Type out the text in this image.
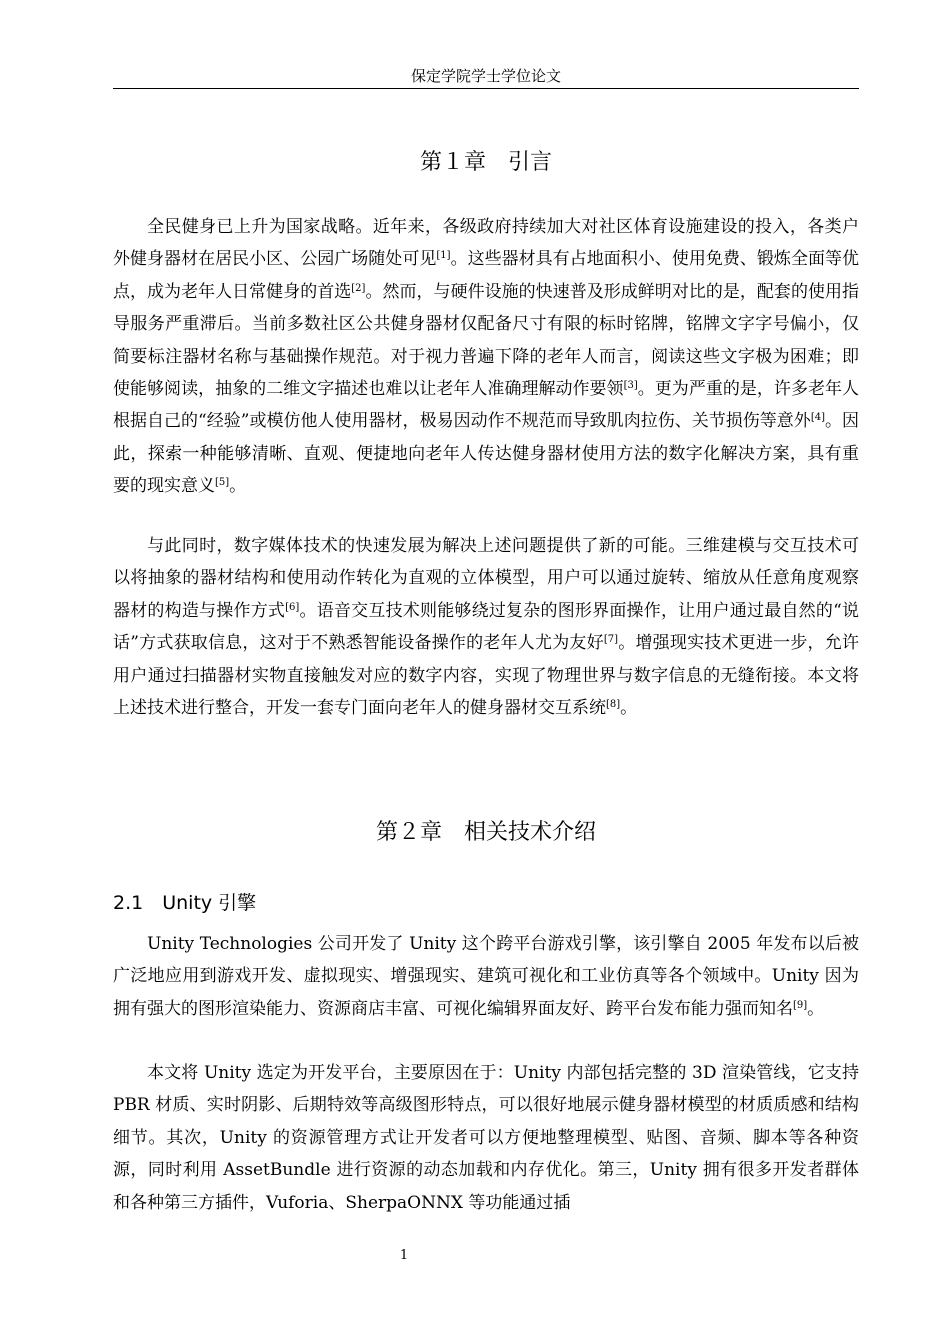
保定学院学士学位论文
第１章　引言

全民健身已上升为国家战略。近年来，各级政府持续加大对社区体育设施建设的投入，各类户外健身器材在居民小区、公园广场随处可见[1]。这些器材具有占地面积小、使用免费、锻炼全面等优点，成为老年人日常健身的首选[2]。然而，与硬件设施的快速普及形成鲜明对比的是，配套的使用指导服务严重滞后。当前多数社区公共健身器材仅配备尺寸有限的标时铭牌，铭牌文字字号偏小，仅简要标注器材名称与基础操作规范。对于视力普遍下降的老年人而言，阅读这些文字极为困难；即使能够阅读，抽象的二维文字描述也难以让老年人准确理解动作要领[3]。更为严重的是，许多老年人根据自己的“经验”或模仿他人使用器材，极易因动作不规范而导致肌肉拉伤、关节损伤等意外[4]。因此，探索一种能够清晰、直观、便捷地向老年人传达健身器材使用方法的数字化解决方案，具有重要的现实意义[5]。

与此同时，数字媒体技术的快速发展为解决上述问题提供了新的可能。三维建模与交互技术可以将抽象的器材结构和使用动作转化为直观的立体模型，用户可以通过旋转、缩放从任意角度观察器材的构造与操作方式[6]。语音交互技术则能够绕过复杂的图形界面操作，让用户通过最自然的“说话”方式获取信息，这对于不熟悉智能设备操作的老年人尤为友好[7]。增强现实技术更进一步，允许用户通过扫描器材实物直接触发对应的数字内容，实现了物理世界与数字信息的无缝衔接。本文将上述技术进行整合，开发一套专门面向老年人的健身器材交互系统[8]。

第２章　相关技术介绍
2.1　Unity 引擎

Unity Technologies 公司开发了 Unity 这个跨平台游戏引擎，该引擎自 2005 年发布以后被广泛地应用到游戏开发、虚拟现实、增强现实、建筑可视化和工业仿真等各个领域中。Unity 因为拥有强大的图形渲染能力、资源商店丰富、可视化编辑界面友好、跨平台发布能力强而知名[9]。

本文将 Unity 选定为开发平台，主要原因在于：Unity 内部包括完整的 3D 渲染管线，它支持 PBR 材质、实时阴影、后期特效等高级图形特点，可以很好地展示健身器材模型的材质质感和结构细节。其次，Unity 的资源管理方式让开发者可以方便地整理模型、贴图、音频、脚本等各种资源，同时利用 AssetBundle 进行资源的动态加载和内存优化。第三，Unity 拥有很多开发者群体和各种第三方插件，Vuforia、SherpaONNX 等功能通过插

1
